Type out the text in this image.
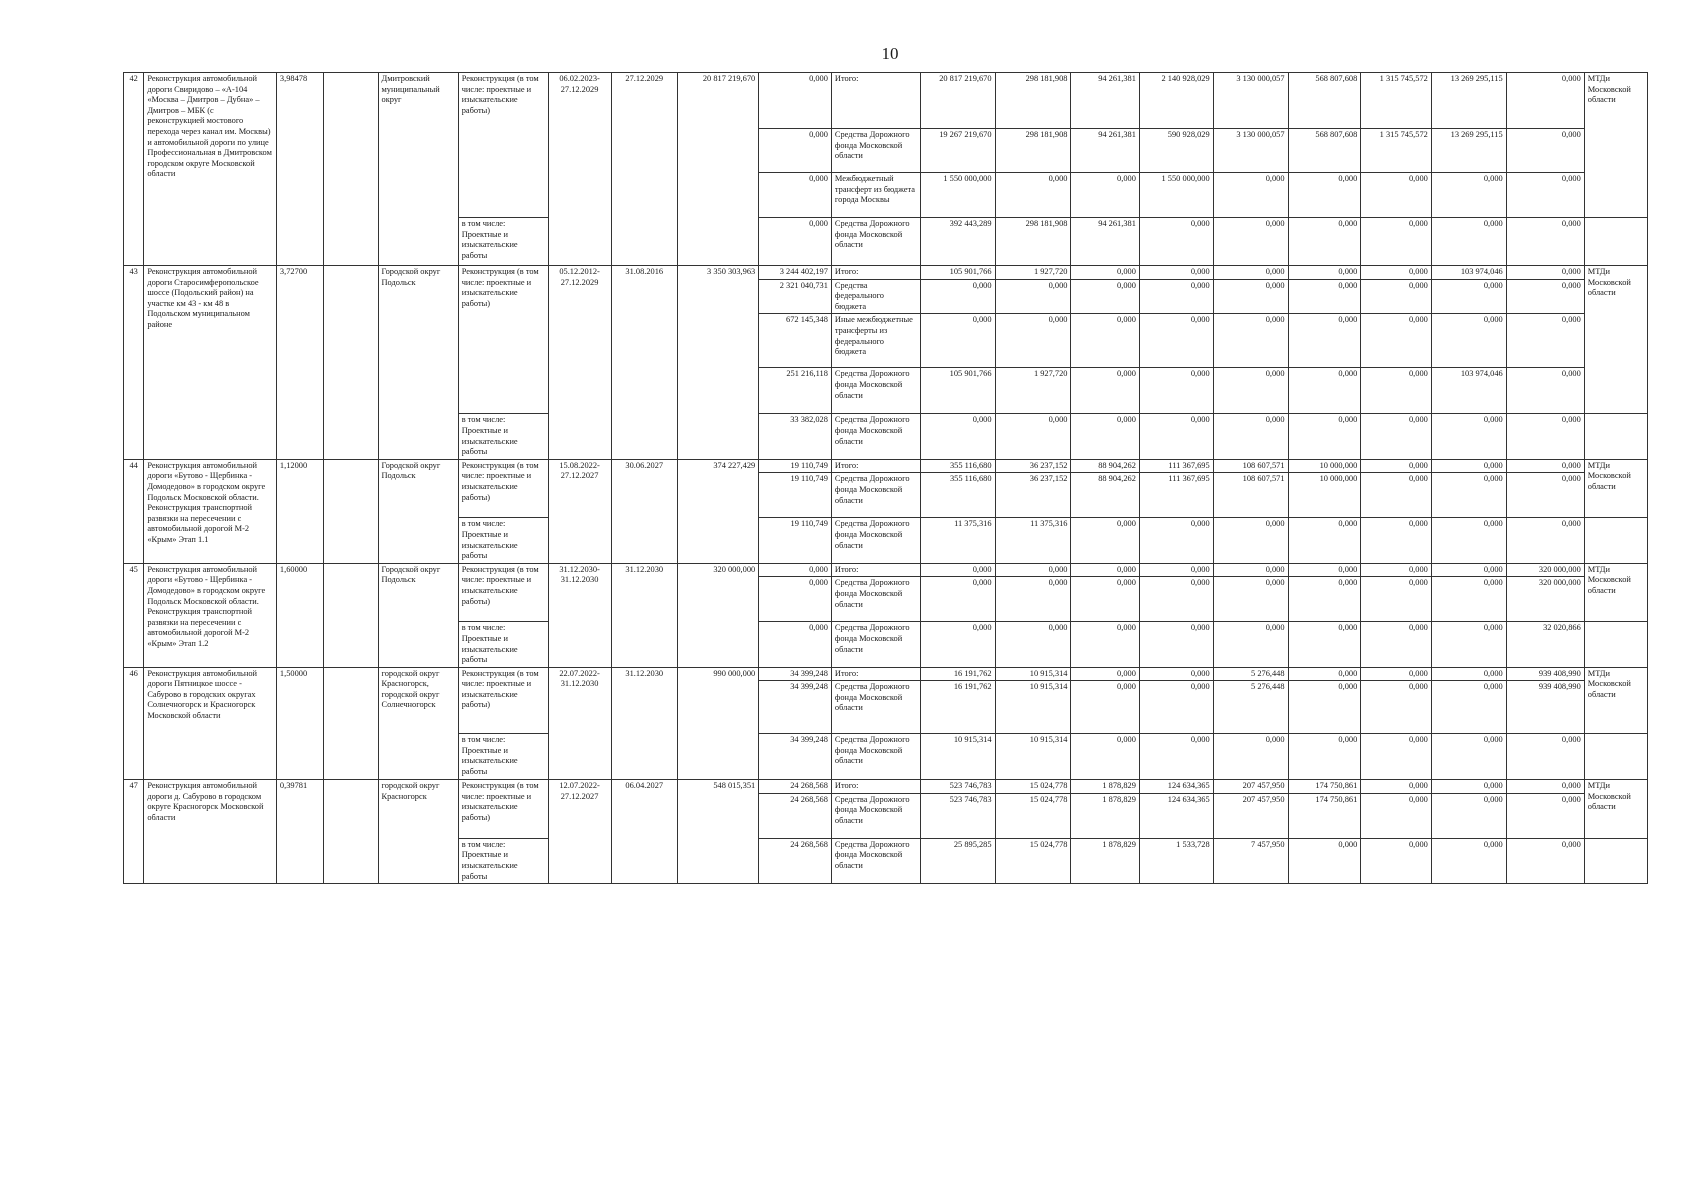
10
42	Реконструкция автомобильной дороги Свиридово – «А-104 «Москва – Дмитров – Дубна» – Дмитров – МБК (с реконструкцией мостового перехода через канал им. Москвы) и автомобильной дороги по улице Профессиональная в Дмитровском городском округе Московской области	3,98478		Дмитровский муниципальный округ	Реконструкция (в том числе: проектные и изыскательские работы)	06.02.2023- 27.12.2029	27.12.2029	20 817 219,670	0,000	Итого:	20 817 219,670	298 181,908	94 261,381	2 140 928,029	3 130 000,057	568 807,608	1 315 745,572	13 269 295,115	0,000	МТДи Московской области
									0,000	Средства Дорожного фонда Московской области	19 267 219,670	298 181,908	94 261,381	590 928,029	3 130 000,057	568 807,608	1 315 745,572	13 269 295,115	0,000	
									0,000	Межбюджетный трансферт из бюджета города Москвы	1 550 000,000	0,000	0,000	1 550 000,000	0,000	0,000	0,000	0,000	0,000	
					в том числе: Проектные и изыскательские работы				0,000	Средства Дорожного фонда Московской области	392 443,289	298 181,908	94 261,381	0,000	0,000	0,000	0,000	0,000	0,000	
43	Реконструкция автомобильной дороги Старосимферопольское шоссе (Подольский район) на участке км 43 - км 48 в Подольском муниципальном районе	3,72700		Городской округ Подольск	Реконструкция (в том числе: проектные и изыскательские работы)	05.12.2012- 27.12.2029	31.08.2016	3 350 303,963	3 244 402,197	Итого:	105 901,766	1 927,720	0,000	0,000	0,000	0,000	0,000	103 974,046	0,000	МТДи Московской области
									2 321 040,731	Средства федерального бюджета	0,000	0,000	0,000	0,000	0,000	0,000	0,000	0,000	0,000	
									672 145,348	Иные межбюджетные трансферты из федерального бюджета	0,000	0,000	0,000	0,000	0,000	0,000	0,000	0,000	0,000	
									251 216,118	Средства Дорожного фонда Московской области	105 901,766	1 927,720	0,000	0,000	0,000	0,000	0,000	103 974,046	0,000	
					в том числе: Проектные и изыскательские работы				33 382,028	Средства Дорожного фонда Московской области	0,000	0,000	0,000	0,000	0,000	0,000	0,000	0,000	0,000	
44	Реконструкция автомобильной дороги «Бутово - Щербинка - Домодедово» в городском округе Подольск Московской области. Реконструкция транспортной развязки на пересечении с автомобильной дорогой М-2 «Крым» Этап 1.1	1,12000		Городской округ Подольск	Реконструкция (в том числе: проектные и изыскательские работы)	15.08.2022- 27.12.2027	30.06.2027	374 227,429	19 110,749	Итого:	355 116,680	36 237,152	88 904,262	111 367,695	108 607,571	10 000,000	0,000	0,000	0,000	МТДи Московской области
									19 110,749	Средства Дорожного фонда Московской области	355 116,680	36 237,152	88 904,262	111 367,695	108 607,571	10 000,000	0,000	0,000	0,000	
					в том числе: Проектные и изыскательские работы				19 110,749	Средства Дорожного фонда Московской области	11 375,316	11 375,316	0,000	0,000	0,000	0,000	0,000	0,000	0,000	
45	Реконструкция автомобильной дороги «Бутово - Щербинка - Домодедово» в городском округе Подольск Московской области. Реконструкция транспортной развязки на пересечении с автомобильной дорогой М-2 «Крым» Этап 1.2	1,60000		Городской округ Подольск	Реконструкция (в том числе: проектные и изыскательские работы)	31.12.2030- 31.12.2030	31.12.2030	320 000,000	0,000	Итого:	0,000	0,000	0,000	0,000	0,000	0,000	0,000	0,000	320 000,000	МТДи Московской области
									0,000	Средства Дорожного фонда Московской области	0,000	0,000	0,000	0,000	0,000	0,000	0,000	0,000	320 000,000	
					в том числе: Проектные и изыскательские работы				0,000	Средства Дорожного фонда Московской области	0,000	0,000	0,000	0,000	0,000	0,000	0,000	0,000	32 020,866	
46	Реконструкция автомобильной дороги Пятницкое шоссе - Сабурово в городских округах Солнечногорск и Красногорск Московской области	1,50000		городской округ Красногорск, городской округ Солнечногорск	Реконструкция (в том числе: проектные и изыскательские работы)	22.07.2022- 31.12.2030	31.12.2030	990 000,000	34 399,248	Итого:	16 191,762	10 915,314	0,000	0,000	5 276,448	0,000	0,000	0,000	939 408,990	МТДи Московской области
									34 399,248	Средства Дорожного фонда Московской области	16 191,762	10 915,314	0,000	0,000	5 276,448	0,000	0,000	0,000	939 408,990	
					в том числе: Проектные и изыскательские работы				34 399,248	Средства Дорожного фонда Московской области	10 915,314	10 915,314	0,000	0,000	0,000	0,000	0,000	0,000	0,000	
47	Реконструкция автомобильной дороги д. Сабурово в городском округе Красногорск Московской области	0,39781		городской округ Красногорск	Реконструкция (в том числе: проектные и изыскательские работы)	12.07.2022- 27.12.2027	06.04.2027	548 015,351	24 268,568	Итого:	523 746,783	15 024,778	1 878,829	124 634,365	207 457,950	174 750,861	0,000	0,000	0,000	МТДи Московской области
									24 268,568	Средства Дорожного фонда Московской области	523 746,783	15 024,778	1 878,829	124 634,365	207 457,950	174 750,861	0,000	0,000	0,000	
					в том числе: Проектные и изыскательские работы				24 268,568	Средства Дорожного фонда Московской области	25 895,285	15 024,778	1 878,829	1 533,728	7 457,950	0,000	0,000	0,000	0,000	
